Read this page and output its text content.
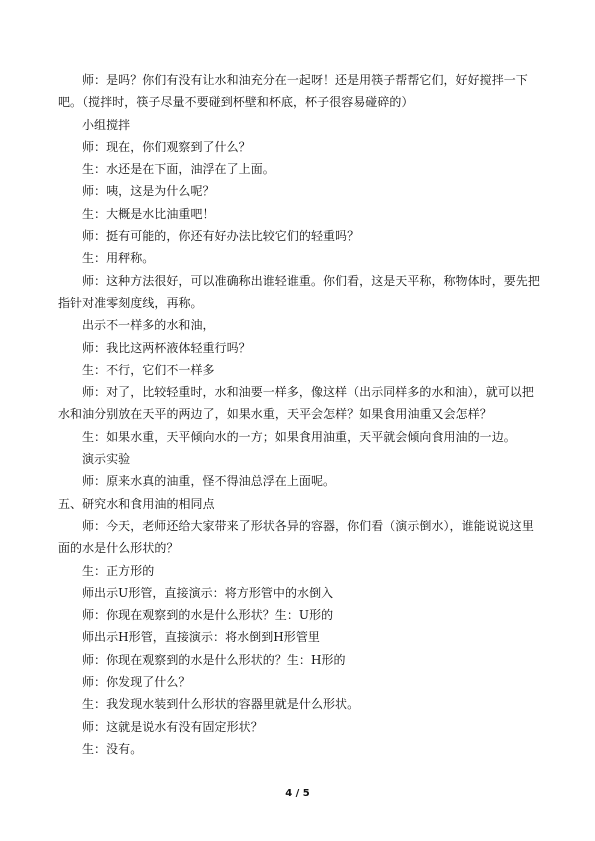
师：是吗？你们有没有让水和油充分在一起呀！还是用筷子帮帮它们，好好搅拌一下
吧。（搅拌时，筷子尽量不要碰到杯壁和杯底，杯子很容易碰碎的）
小组搅拌
师：现在，你们观察到了什么？
生：水还是在下面，油浮在了上面。
师：咦，这是为什么呢？
生：大概是水比油重吧！
师：挺有可能的，你还有好办法比较它们的轻重吗？
生：用秤称。
师：这种方法很好，可以准确称出谁轻谁重。你们看，这是天平称，称物体时，要先把
指针对准零刻度线，再称。
出示不一样多的水和油，
师：我比这两杯液体轻重行吗？
生：不行，它们不一样多
师：对了，比较轻重时，水和油要一样多，像这样（出示同样多的水和油），就可以把
水和油分别放在天平的两边了，如果水重，天平会怎样？如果食用油重又会怎样？
生：如果水重，天平倾向水的一方；如果食用油重，天平就会倾向食用油的一边。
演示实验
师：原来水真的油重，怪不得油总浮在上面呢。
五、研究水和食用油的相同点
师：今天，老师还给大家带来了形状各异的容器，你们看（演示倒水），谁能说说这里
面的水是什么形状的？
生：正方形的
师出示U形管，直接演示：将方形管中的水倒入
师：你现在观察到的水是什么形状？生：U形的
师出示H形管，直接演示：将水倒到H形管里
师：你现在观察到的水是什么形状的？生：H形的
师：你发现了什么？
生：我发现水装到什么形状的容器里就是什么形状。
师：这就是说水有没有固定形状？
生：没有。
4 / 5
